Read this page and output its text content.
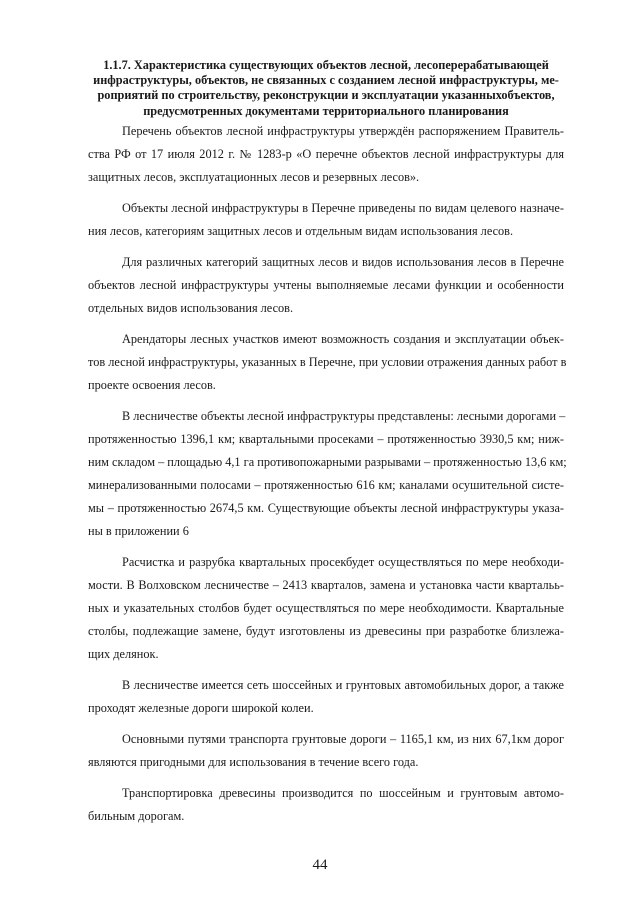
1.1.7. Характеристика существующих объектов лесной, лесоперерабатывающей
инфраструктуры, объектов, не связанных с созданием лесной инфраструктуры, ме-
роприятий по строительству, реконструкции и эксплуатации указанныхобъектов,
предусмотренных документами территориального планирования
Перечень объектов лесной инфраструктуры утверждён распоряжением Правитель-
ства РФ от 17 июля 2012 г. № 1283-р «О перечне объектов лесной инфраструктуры для
защитных лесов, эксплуатационных лесов и резервных лесов».
Объекты лесной инфраструктуры в Перечне приведены по видам целевого назначе-
ния лесов, категориям защитных лесов и отдельным видам использования лесов.
Для различных категорий защитных лесов и видов использования лесов в Перечне
объектов лесной инфраструктуры учтены выполняемые лесами функции и особенности
отдельных видов использования лесов.
Арендаторы лесных участков имеют возможность создания и эксплуатации объек-
тов лесной инфраструктуры, указанных в Перечне, при условии отражения данных работ в
проекте освоения лесов.
В лесничестве объекты лесной инфраструктуры представлены: лесными дорогами –
протяженностью 1396,1 км; квартальными просеками – протяженностью 3930,5 км; ниж-
ним складом – площадью 4,1 га противопожарными разрывами – протяженностью 13,6 км;
минерализованными полосами – протяженностью 616 км; каналами осушительной систе-
мы – протяженностью 2674,5 км. Существующие объекты лесной инфраструктуры указа-
ны в приложении 6
Расчистка и разрубка квартальных просекбудет осуществляться по мере необходи-
мости. В Волховском лесничестве – 2413 кварталов, замена и установка части квартальь-
ных и указательных столбов будет осуществляться по мере необходимости. Квартальные
столбы, подлежащие замене, будут изготовлены из древесины при разработке близлежа-
щих делянок.
В лесничестве имеется сеть шоссейных и грунтовых автомобильных дорог, а также
проходят железные дороги широкой колеи.
Основными путями транспорта грунтовые дороги – 1165,1 км, из них 67,1км дорог
являются пригодными для использования в течение всего года.
Транспортировка древесины производится по шоссейным и грунтовым автомо-
бильным дорогам.
44
